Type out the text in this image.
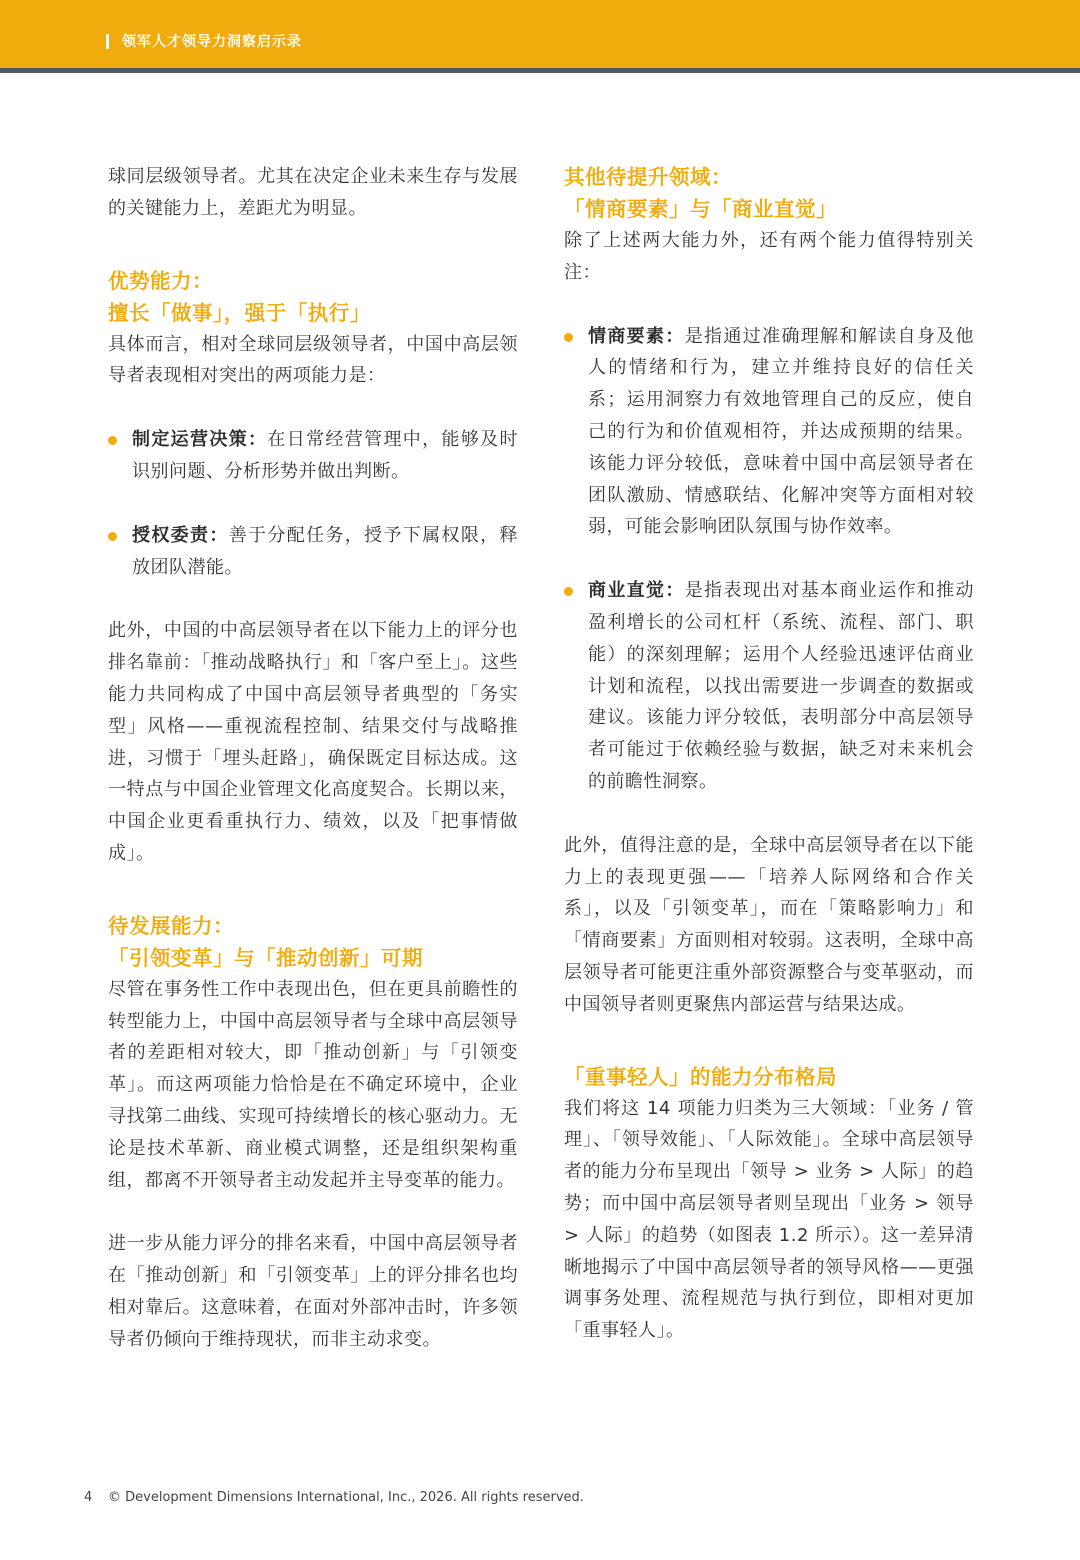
领军人才领导力洞察启示录

球同层级领导者。尤其在决定企业未来生存与发展的关键能力上，差距尤为明显。

优势能力：
擅长「做事」，强于「执行」

具体而言，相对全球同层级领导者，中国中高层领导者表现相对突出的两项能力是：

制定运营决策：在日常经营管理中，能够及时识别问题、分析形势并做出判断。

授权委责：善于分配任务，授予下属权限，释放团队潜能。

此外，中国的中高层领导者在以下能力上的评分也排名靠前：「推动战略执行」和「客户至上」。这些能力共同构成了中国中高层领导者典型的「务实型」风格——重视流程控制、结果交付与战略推进，习惯于「埋头赶路」，确保既定目标达成。这一特点与中国企业管理文化高度契合。长期以来，中国企业更看重执行力、绩效，以及「把事情做成」。

待发展能力：
「引领变革」与「推动创新」可期

尽管在事务性工作中表现出色，但在更具前瞻性的转型能力上，中国中高层领导者与全球中高层领导者的差距相对较大，即「推动创新」与「引领变革」。而这两项能力恰恰是在不确定环境中，企业寻找第二曲线、实现可持续增长的核心驱动力。无论是技术革新、商业模式调整，还是组织架构重组，都离不开领导者主动发起并主导变革的能力。

进一步从能力评分的排名来看，中国中高层领导者在「推动创新」和「引领变革」上的评分排名也均相对靠后。这意味着，在面对外部冲击时，许多领导者仍倾向于维持现状，而非主动求变。

其他待提升领域：
「情商要素」与「商业直觉」

除了上述两大能力外，还有两个能力值得特别关注：

情商要素：是指通过准确理解和解读自身及他人的情绪和行为，建立并维持良好的信任关系；运用洞察力有效地管理自己的反应，使自己的行为和价值观相符，并达成预期的结果。该能力评分较低，意味着中国中高层领导者在团队激励、情感联结、化解冲突等方面相对较弱，可能会影响团队氛围与协作效率。

商业直觉：是指表现出对基本商业运作和推动盈利增长的公司杠杆（系统、流程、部门、职能）的深刻理解；运用个人经验迅速评估商业计划和流程，以找出需要进一步调查的数据或建议。该能力评分较低，表明部分中高层领导者可能过于依赖经验与数据，缺乏对未来机会的前瞻性洞察。

此外，值得注意的是，全球中高层领导者在以下能力上的表现更强——「培养人际网络和合作关系」，以及「引领变革」，而在「策略影响力」和「情商要素」方面则相对较弱。这表明，全球中高层领导者可能更注重外部资源整合与变革驱动，而中国领导者则更聚焦内部运营与结果达成。

「重事轻人」的能力分布格局

我们将这 14 项能力归类为三大领域：「业务 / 管理」、「领导效能」、「人际效能」。全球中高层领导者的能力分布呈现出「领导 > 业务 > 人际」的趋势；而中国中高层领导者则呈现出「业务 > 领导 > 人际」的趋势（如图表 1.2 所示）。这一差异清晰地揭示了中国中高层领导者的领导风格——更强调事务处理、流程规范与执行到位，即相对更加「重事轻人」。

4 © Development Dimensions International, Inc., 2026. All rights reserved.
